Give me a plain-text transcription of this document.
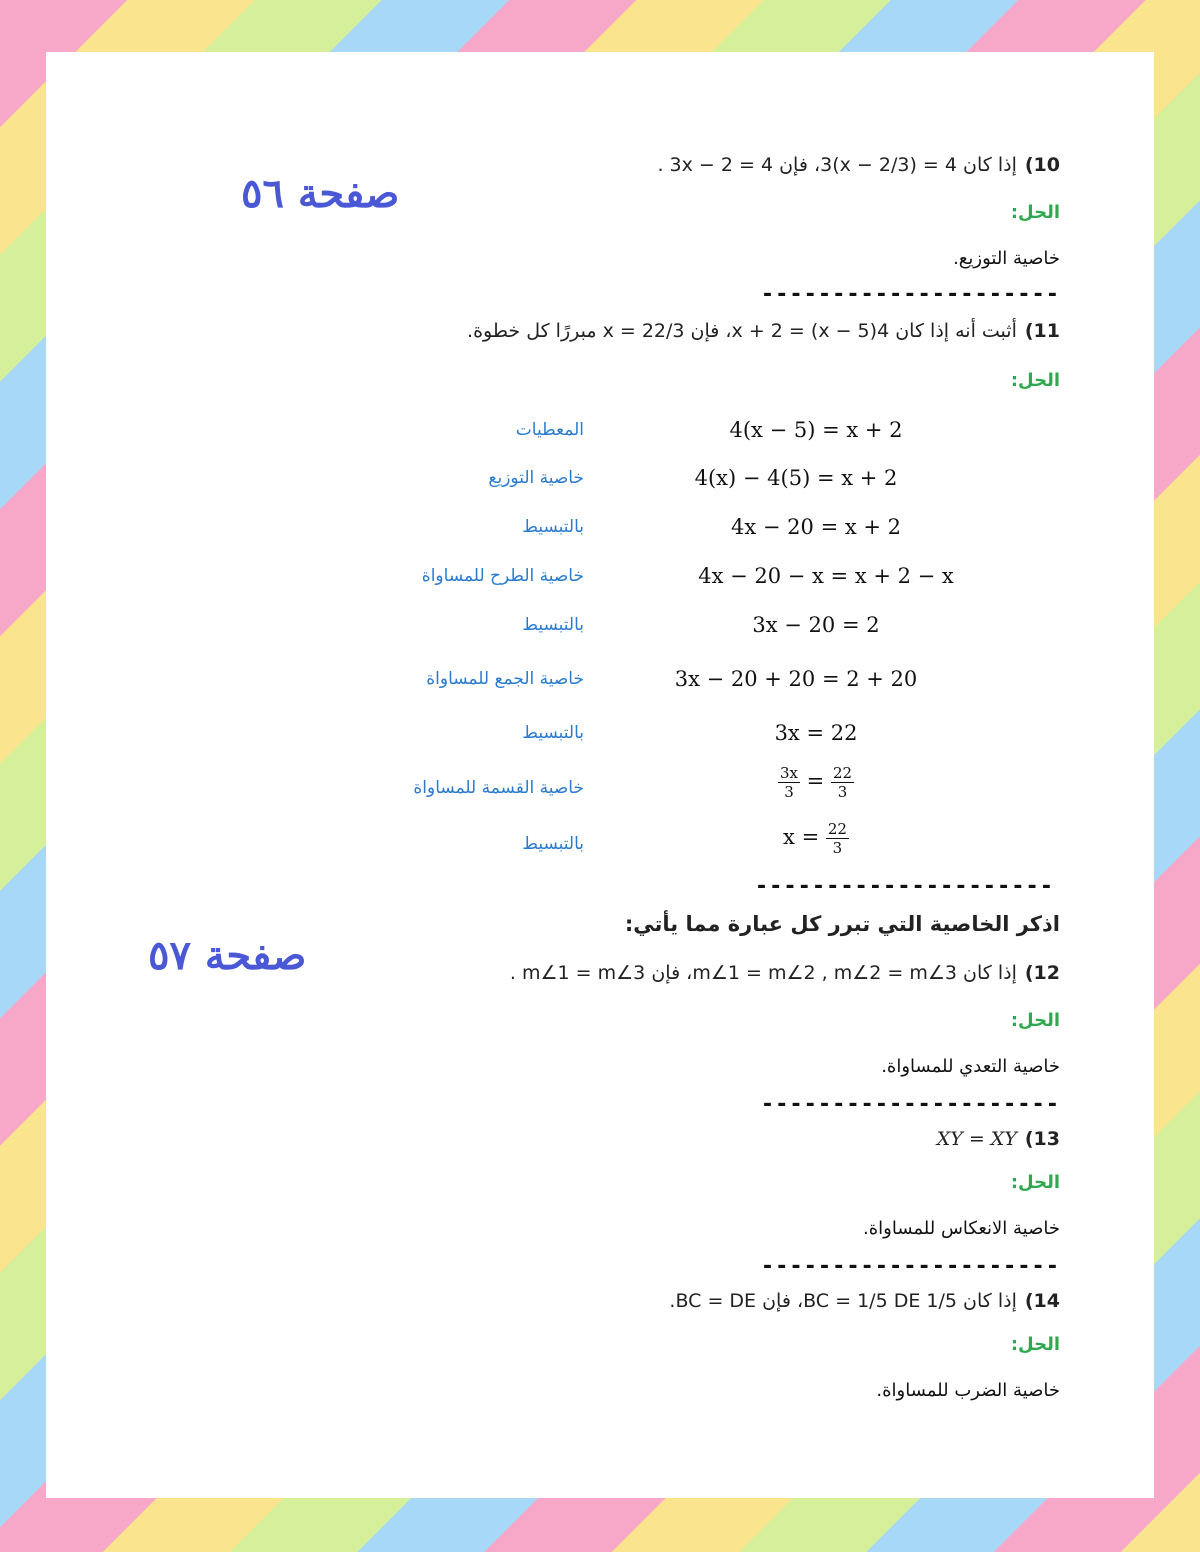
صفحة ٥٦
صفحة ٥٧
10)إذا كان 4 = (x − 2/3)3، فإن 4 = 3x − 2 .
الحل:
خاصية التوزيع.
---------------------
11)أثبت أنه إذا كان 4(x − 5) = x + 2، فإن x = 22/3 مبررًا كل خطوة.
الحل:
4(x − 5) = x + 2
المعطيات
4(x) − 4(5) = x + 2
خاصية التوزيع
4x − 20 = x + 2
بالتبسيط
4x − 20 − x = x + 2 − x
خاصية الطرح للمساواة
3x − 20 = 2
بالتبسيط
3x − 20 + 20 = 2 + 20
خاصية الجمع للمساواة
3x = 22
بالتبسيط
$\frac{3x}{3} = \frac{22}{3}$
خاصية القسمة للمساواة
$x = \frac{22}{3}$
بالتبسيط
---------------------
اذكر الخاصية التي تبرر كل عبارة مما يأتي:
12)إذا كان m∠1 = m∠2 , m∠2 = m∠3، فإن m∠1 = m∠3 .
الحل:
خاصية التعدي للمساواة.
---------------------
13)XY = XY
الحل:
خاصية الانعكاس للمساواة.
---------------------
14)إذا كان 1/5 BC = 1/5 DE، فإن BC = DE.
الحل:
خاصية الضرب للمساواة.
